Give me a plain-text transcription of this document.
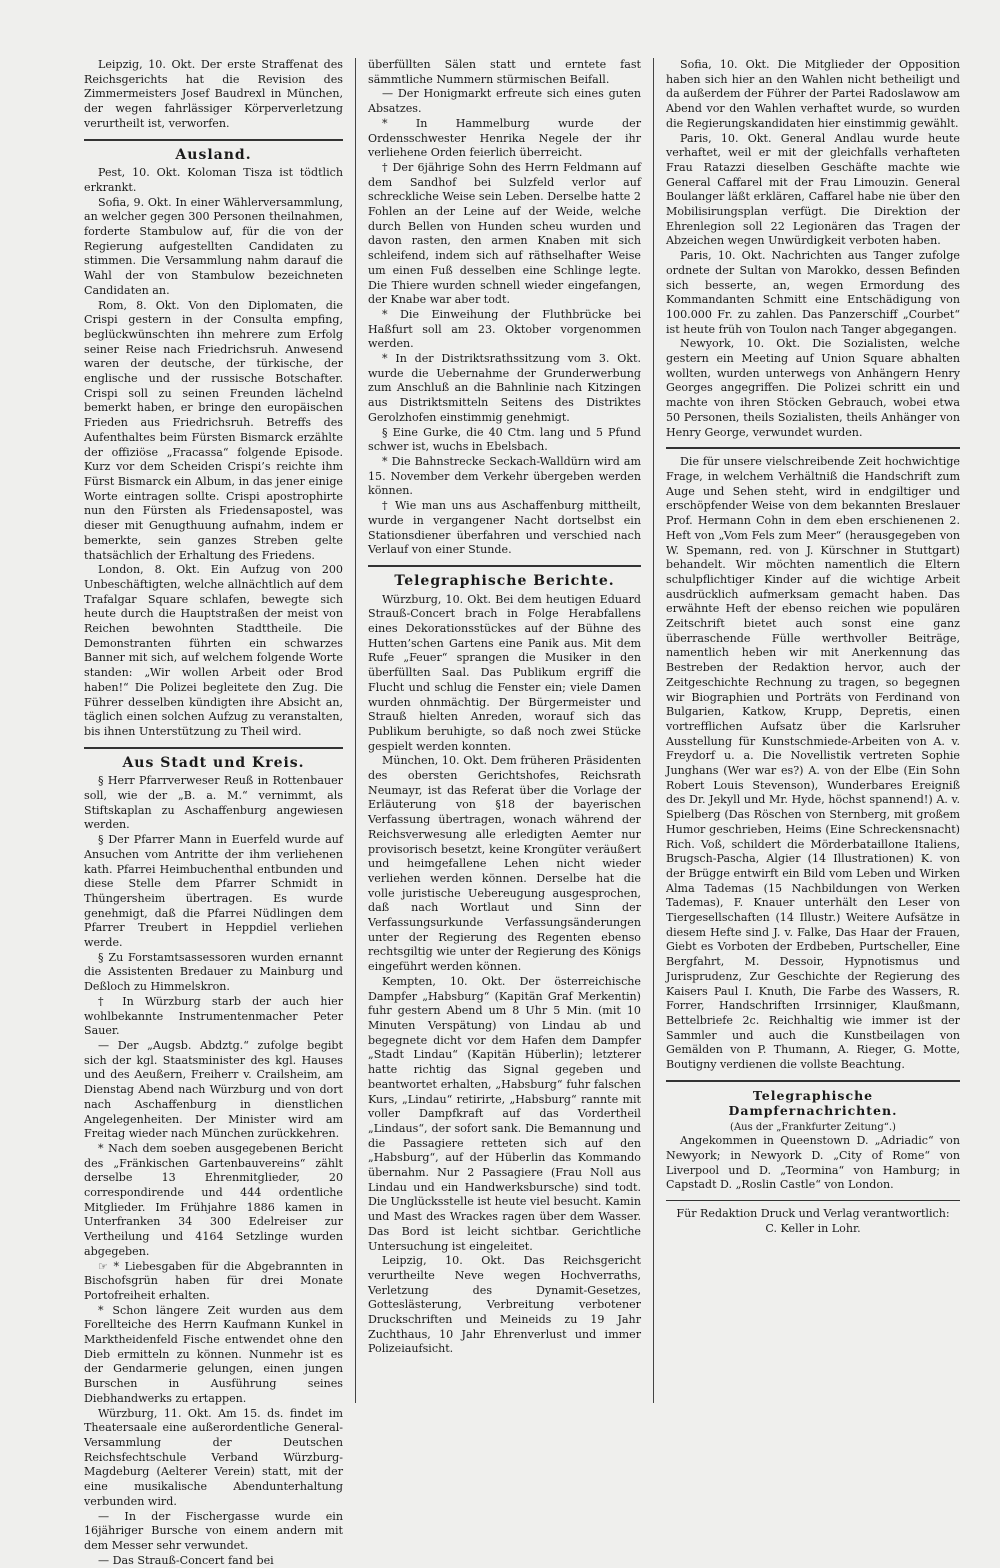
Leipzig, 10. Okt. Der erste Straffenat des Reichsgerichts hat die Revision des Zimmermeisters Josef Baudrexl in München, der wegen fahrlässiger Körperverletzung verurtheilt ist, verworfen.

Ausland.

Pest, 10. Okt. Koloman Tisza ist tödtlich erkrankt.

Sofia, 9. Okt. In einer Wählerversammlung, an welcher gegen 300 Personen theilnahmen, forderte Stambulow auf, für die von der Regierung aufgestellten Candidaten zu stimmen. Die Versammlung nahm darauf die Wahl der von Stambulow bezeichneten Candidaten an.

Rom, 8. Okt. Von den Diplomaten, die Crispi gestern in der Consulta empfing, beglückwünschten ihn mehrere zum Erfolg seiner Reise nach Friedrichsruh. Anwesend waren der deutsche, der türkische, der englische und der russische Botschafter. Crispi soll zu seinen Freunden lächelnd bemerkt haben, er bringe den europäischen Frieden aus Friedrichsruh. Betreffs des Aufenthaltes beim Fürsten Bismarck erzählte der offiziöse „Fracassa“ folgende Episode. Kurz vor dem Scheiden Crispi’s reichte ihm Fürst Bismarck ein Album, in das jener einige Worte eintragen sollte. Crispi apostrophirte nun den Fürsten als Friedensapostel, was dieser mit Genugthuung aufnahm, indem er bemerkte, sein ganzes Streben gelte thatsächlich der Erhaltung des Friedens.

London, 8. Okt. Ein Aufzug von 200 Unbeschäftigten, welche allnächtlich auf dem Trafalgar Square schlafen, bewegte sich heute durch die Hauptstraßen der meist von Reichen bewohnten Stadttheile. Die Demonstranten führten ein schwarzes Banner mit sich, auf welchem folgende Worte standen: „Wir wollen Arbeit oder Brod haben!“ Die Polizei begleitete den Zug. Die Führer desselben kündigten ihre Absicht an, täglich einen solchen Aufzug zu veranstalten, bis ihnen Unterstützung zu Theil wird.

Aus Stadt und Kreis.

§ Herr Pfarrverweser Reuß in Rottenbauer soll, wie der „B. a. M.“ vernimmt, als Stiftskaplan zu Aschaffenburg angewiesen werden.

§ Der Pfarrer Mann in Euerfeld wurde auf Ansuchen vom Antritte der ihm verliehenen kath. Pfarrei Heimbuchenthal entbunden und diese Stelle dem Pfarrer Schmidt in Thüngersheim übertragen. Es wurde genehmigt, daß die Pfarrei Nüdlingen dem Pfarrer Treubert in Heppdiel verliehen werde.

§ Zu Forstamtsassessoren wurden ernannt die Assistenten Bredauer zu Mainburg und Deßloch zu Himmelskron.

† In Würzburg starb der auch hier wohlbekannte Instrumentenmacher Peter Sauer.

— Der „Augsb. Abdztg.“ zufolge begibt sich der kgl. Staatsminister des kgl. Hauses und des Aeußern, Freiherr v. Crailsheim, am Dienstag Abend nach Würzburg und von dort nach Aschaffenburg in dienstlichen Angelegenheiten. Der Minister wird am Freitag wieder nach München zurückkehren.

* Nach dem soeben ausgegebenen Bericht des „Fränkischen Gartenbauvereins“ zählt derselbe 13 Ehrenmitglieder, 20 correspondirende und 444 ordentliche Mitglieder. Im Frühjahre 1886 kamen in Unterfranken 34 300 Edelreiser zur Vertheilung und 4164 Setzlinge wurden abgegeben.

☞ * Liebesgaben für die Abgebrannten in Bischofsgrün haben für drei Monate Portofreiheit erhalten.

* Schon längere Zeit wurden aus dem Forellteiche des Herrn Kaufmann Kunkel in Marktheidenfeld Fische entwendet ohne den Dieb ermitteln zu können. Nunmehr ist es der Gendarmerie gelungen, einen jungen Burschen in Ausführung seines Diebhandwerks zu ertappen.

Würzburg, 11. Okt. Am 15. ds. findet im Theatersaale eine außerordentliche General-Versammlung der Deutschen Reichsfechtschule Verband Würzburg-Magdeburg (Aelterer Verein) statt, mit der eine musikalische Abendunterhaltung verbunden wird.

— In der Fischergasse wurde ein 16jähriger Bursche von einem andern mit dem Messer sehr verwundet.

— Das Strauß-Concert fand bei

überfüllten Sälen statt und erntete fast sämmtliche Nummern stürmischen Beifall.

— Der Honigmarkt erfreute sich eines guten Absatzes.

* In Hammelburg wurde der Ordensschwester Henrika Negele der ihr verliehene Orden feierlich überreicht.

† Der 6jährige Sohn des Herrn Feldmann auf dem Sandhof bei Sulzfeld verlor auf schreckliche Weise sein Leben. Derselbe hatte 2 Fohlen an der Leine auf der Weide, welche durch Bellen von Hunden scheu wurden und davon rasten, den armen Knaben mit sich schleifend, indem sich auf räthselhafter Weise um einen Fuß desselben eine Schlinge legte. Die Thiere wurden schnell wieder eingefangen, der Knabe war aber todt.

* Die Einweihung der Fluthbrücke bei Haßfurt soll am 23. Oktober vorgenommen werden.

* In der Distriktsrathssitzung vom 3. Okt. wurde die Uebernahme der Grunderwerbung zum Anschluß an die Bahnlinie nach Kitzingen aus Distriktsmitteln Seitens des Distriktes Gerolzhofen einstimmig genehmigt.

§ Eine Gurke, die 40 Ctm. lang und 5 Pfund schwer ist, wuchs in Ebelsbach.

* Die Bahnstrecke Seckach-Walldürn wird am 15. November dem Verkehr übergeben werden können.

† Wie man uns aus Aschaffenburg mittheilt, wurde in vergangener Nacht dortselbst ein Stationsdiener überfahren und verschied nach Verlauf von einer Stunde.

Telegraphische Berichte.

Würzburg, 10. Okt. Bei dem heutigen Eduard Strauß-Concert brach in Folge Herabfallens eines Dekorationsstückes auf der Bühne des Hutten’schen Gartens eine Panik aus. Mit dem Rufe „Feuer“ sprangen die Musiker in den überfüllten Saal. Das Publikum ergriff die Flucht und schlug die Fenster ein; viele Damen wurden ohnmächtig. Der Bürgermeister und Strauß hielten Anreden, worauf sich das Publikum beruhigte, so daß noch zwei Stücke gespielt werden konnten.

München, 10. Okt. Dem früheren Präsidenten des obersten Gerichtshofes, Reichsrath Neumayr, ist das Referat über die Vorlage der Erläuterung von §18 der bayerischen Verfassung übertragen, wonach während der Reichsverwesung alle erledigten Aemter nur provisorisch besetzt, keine Krongüter veräußert und heimgefallene Lehen nicht wieder verliehen werden können. Derselbe hat die volle juristische Uebereugung ausgesprochen, daß nach Wortlaut und Sinn der Verfassungsurkunde Verfassungsänderungen unter der Regierung des Regenten ebenso rechtsgiltig wie unter der Regierung des Königs eingeführt werden können.

Kempten, 10. Okt. Der österreichische Dampfer „Habsburg“ (Kapitän Graf Merkentin) fuhr gestern Abend um 8 Uhr 5 Min. (mit 10 Minuten Verspätung) von Lindau ab und begegnete dicht vor dem Hafen dem Dampfer „Stadt Lindau“ (Kapitän Hüberlin); letzterer hatte richtig das Signal gegeben und beantwortet erhalten, „Habsburg“ fuhr falschen Kurs, „Lindau“ retirirte, „Habsburg“ rannte mit voller Dampfkraft auf das Vordertheil „Lindaus“, der sofort sank. Die Bemannung und die Passagiere retteten sich auf den „Habsburg“, auf der Hüberlin das Kommando übernahm. Nur 2 Passagiere (Frau Noll aus Lindau und ein Handwerksbursche) sind todt. Die Unglücksstelle ist heute viel besucht. Kamin und Mast des Wrackes ragen über dem Wasser. Das Bord ist leicht sichtbar. Gerichtliche Untersuchung ist eingeleitet.

Leipzig, 10. Okt. Das Reichsgericht verurtheilte Neve wegen Hochverraths, Verletzung des Dynamit-Gesetzes, Gotteslästerung, Verbreitung verbotener Druckschriften und Meineids zu 19 Jahr Zuchthaus, 10 Jahr Ehrenverlust und immer Polizeiaufsicht.

Sofia, 10. Okt. Die Mitglieder der Opposition haben sich hier an den Wahlen nicht betheiligt und da außerdem der Führer der Partei Radoslawow am Abend vor den Wahlen verhaftet wurde, so wurden die Regierungskandidaten hier einstimmig gewählt.

Paris, 10. Okt. General Andlau wurde heute verhaftet, weil er mit der gleichfalls verhafteten Frau Ratazzi dieselben Geschäfte machte wie General Caffarel mit der Frau Limouzin. General Boulanger läßt erklären, Caffarel habe nie über den Mobilisirungsplan verfügt. Die Direktion der Ehrenlegion soll 22 Legionären das Tragen der Abzeichen wegen Unwürdigkeit verboten haben.

Paris, 10. Okt. Nachrichten aus Tanger zufolge ordnete der Sultan von Marokko, dessen Befinden sich besserte, an, wegen Ermordung des Kommandanten Schmitt eine Entschädigung von 100.000 Fr. zu zahlen. Das Panzerschiff „Courbet“ ist heute früh von Toulon nach Tanger abgegangen.

Newyork, 10. Okt. Die Sozialisten, welche gestern ein Meeting auf Union Square abhalten wollten, wurden unterwegs von Anhängern Henry Georges angegriffen. Die Polizei schritt ein und machte von ihren Stöcken Gebrauch, wobei etwa 50 Personen, theils Sozialisten, theils Anhänger von Henry George, verwundet wurden.

Die für unsere vielschreibende Zeit hochwichtige Frage, in welchem Verhältniß die Handschrift zum Auge und Sehen steht, wird in endgiltiger und erschöpfender Weise von dem bekannten Breslauer Prof. Hermann Cohn in dem eben erschienenen 2. Heft von „Vom Fels zum Meer“ (herausgegeben von W. Spemann, red. von J. Kürschner in Stuttgart) behandelt. Wir möchten namentlich die Eltern schulpflichtiger Kinder auf die wichtige Arbeit ausdrücklich aufmerksam gemacht haben. Das erwähnte Heft der ebenso reichen wie populären Zeitschrift bietet auch sonst eine ganz überraschende Fülle werthvoller Beiträge, namentlich heben wir mit Anerkennung das Bestreben der Redaktion hervor, auch der Zeitgeschichte Rechnung zu tragen, so begegnen wir Biographien und Porträts von Ferdinand von Bulgarien, Katkow, Krupp, Depretis, einen vortrefflichen Aufsatz über die Karlsruher Ausstellung für Kunstschmiede-Arbeiten von A. v. Freydorf u. a. Die Novellistik vertreten Sophie Junghans (Wer war es?) A. von der Elbe (Ein Sohn Robert Louis Stevenson), Wunderbares Ereigniß des Dr. Jekyll und Mr. Hyde, höchst spannend!) A. v. Spielberg (Das Röschen von Sternberg, mit großem Humor geschrieben, Heims (Eine Schreckensnacht) Rich. Voß, schildert die Mörderbataillone Italiens, Brugsch-Pascha, Algier (14 Illustrationen) K. von der Brügge entwirft ein Bild vom Leben und Wirken Alma Tademas (15 Nachbildungen von Werken Tademas), F. Knauer unterhält den Leser von Tiergesellschaften (14 Illustr.) Weitere Aufsätze in diesem Hefte sind J. v. Falke, Das Haar der Frauen, Giebt es Vorboten der Erdbeben, Purtscheller, Eine Bergfahrt, M. Dessoir, Hypnotismus und Jurisprudenz, Zur Geschichte der Regierung des Kaisers Paul I. Knuth, Die Farbe des Wassers, R. Forrer, Handschriften Irrsinniger, Klaußmann, Bettelbriefe 2c. Reichhaltig wie immer ist der Sammler und auch die Kunstbeilagen von Gemälden von P. Thumann, A. Rieger, G. Motte, Boutigny verdienen die vollste Beachtung.

Telegraphische Dampfernachrichten.
(Aus der „Frankfurter Zeitung“.)

Angekommen in Queenstown D. „Adriadic“ von Newyork; in Newyork D. „City of Rome“ von Liverpool und D. „Teormina“ von Hamburg; in Capstadt D. „Roslin Castle“ von London.

Für Redaktion Druck und Verlag verantwortlich:

C. Keller in Lohr.
